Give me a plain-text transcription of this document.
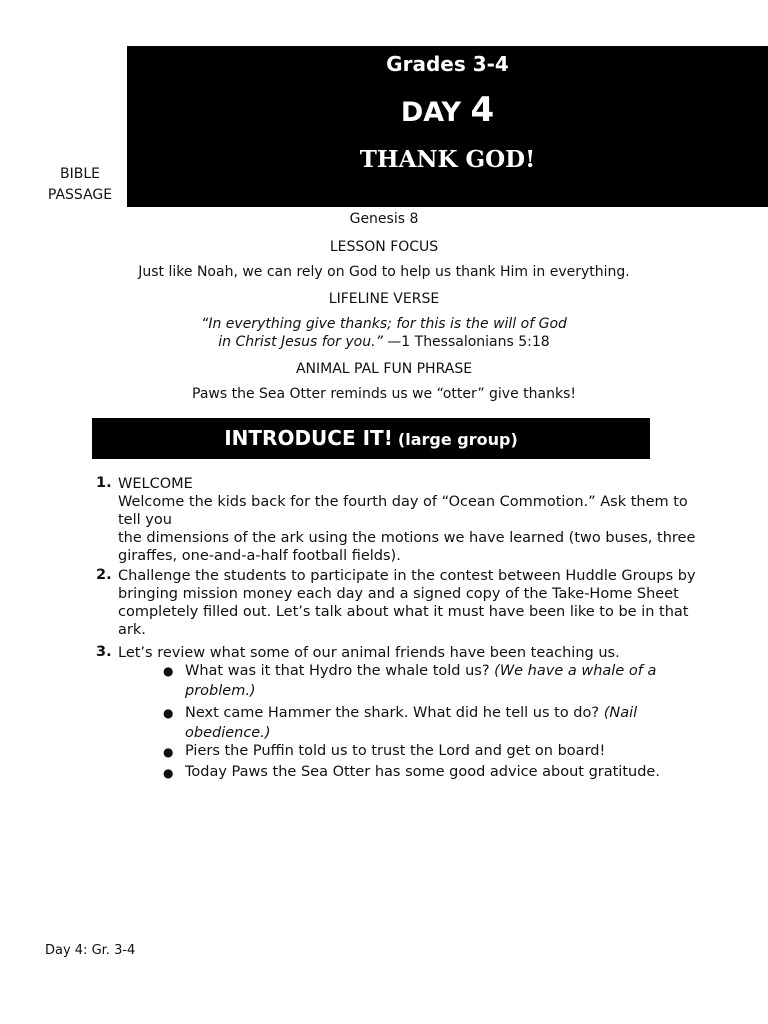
Grades 3-4
DAY 4
THANK GOD!
BIBLE
PASSAGE
Genesis 8
LESSON FOCUS
Just like Noah, we can rely on God to help us thank Him in everything.
LIFELINE VERSE
“In everything give thanks; for this is the will of God
in Christ Jesus for you.” —1 Thessalonians 5:18
ANIMAL PAL FUN PHRASE
Paws the Sea Otter reminds us we “otter” give thanks!
INTRODUCE IT! (large group)
1. WELCOME
Welcome the kids back for the fourth day of “Ocean Commotion.” Ask them to
tell you
the dimensions of the ark using the motions we have learned (two buses, three
giraffes, one-and-a-half football fields).
2. Challenge the students to participate in the contest between Huddle Groups by
bringing mission money each day and a signed copy of the Take-Home Sheet
completely filled out. Let’s talk about what it must have been like to be in that
ark.
3. Let’s review what some of our animal friends have been teaching us.
● What was it that Hydro the whale told us? (We have a whale of a
problem.)
● Next came Hammer the shark. What did he tell us to do? (Nail
obedience.)
● Piers the Puffin told us to trust the Lord and get on board!
● Today Paws the Sea Otter has some good advice about gratitude.
Day 4: Gr. 3-4
